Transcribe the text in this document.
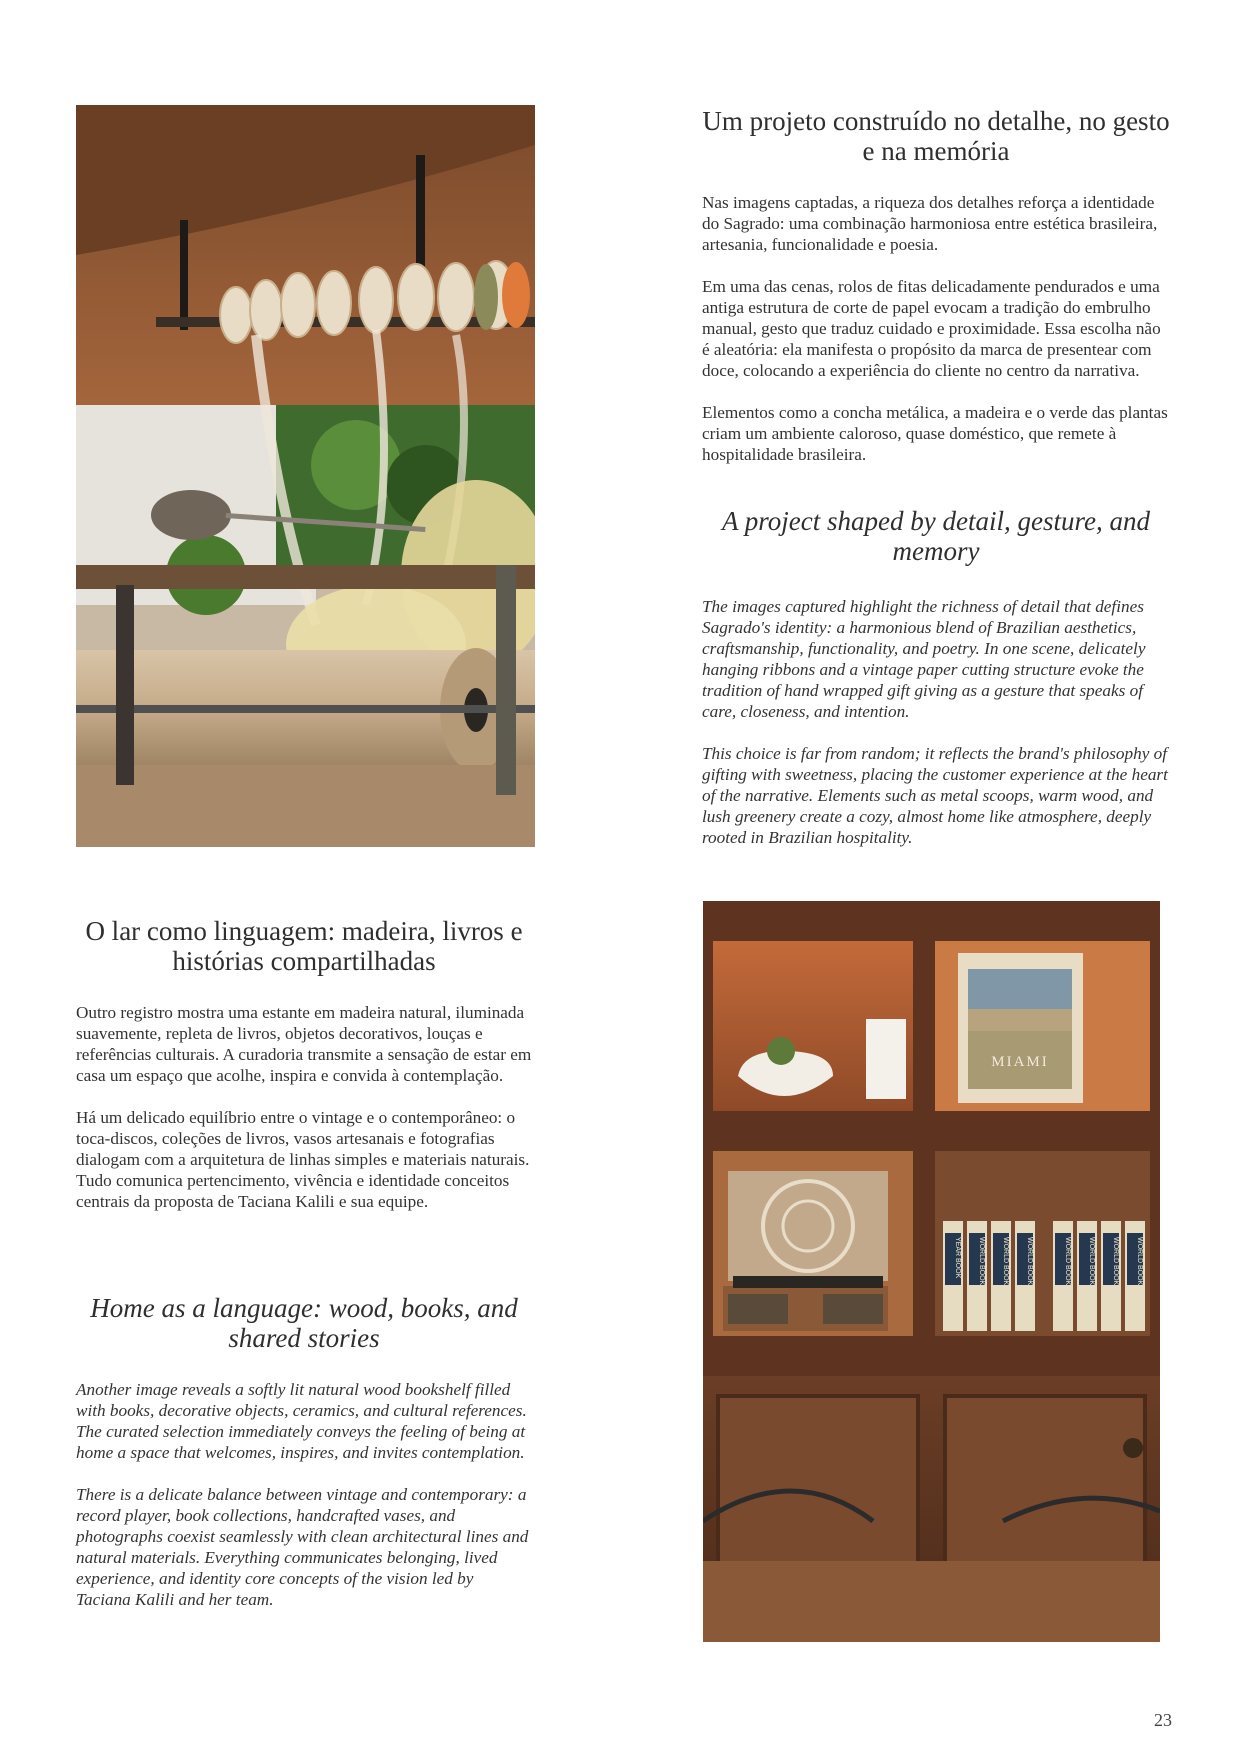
Um projeto construído no detalhe, no gesto e na memória

Nas imagens captadas, a riqueza dos detalhes reforça a identidade do Sagrado: uma combinação harmoniosa entre estética brasileira, artesania, funcionalidade e poesia.

Em uma das cenas, rolos de fitas delicadamente pendurados e uma antiga estrutura de corte de papel evocam a tradição do embrulho manual, gesto que traduz cuidado e proximidade. Essa escolha não é aleatória: ela manifesta o propósito da marca de presentear com doce, colocando a experiência do cliente no centro da narrativa.

Elementos como a concha metálica, a madeira e o verde das plantas criam um ambiente caloroso, quase doméstico, que remete à hospitalidade brasileira.

A project shaped by detail, gesture, and memory

The images captured highlight the richness of detail that defines Sagrado's identity: a harmonious blend of Brazilian aesthetics, craftsmanship, functionality, and poetry. In one scene, delicately hanging ribbons and a vintage paper cutting structure evoke the tradition of hand wrapped gift giving as a gesture that speaks of care, closeness, and intention.

This choice is far from random; it reflects the brand's philosophy of gifting with sweetness, placing the customer experience at the heart of the narrative. Elements such as metal scoops, warm wood, and lush greenery create a cozy, almost home like atmosphere, deeply rooted in Brazilian hospitality.

O lar como linguagem: madeira, livros e histórias compartilhadas

Outro registro mostra uma estante em madeira natural, iluminada suavemente, repleta de livros, objetos decorativos, louças e referências culturais. A curadoria transmite a sensação de estar em casa um espaço que acolhe, inspira e convida à contemplação.

Há um delicado equilíbrio entre o vintage e o contemporâneo: o toca-discos, coleções de livros, vasos artesanais e fotografias dialogam com a arquitetura de linhas simples e materiais naturais. Tudo comunica pertencimento, vivência e identidade conceitos centrais da proposta de Taciana Kalili e sua equipe.

Home as a language: wood, books, and shared stories

Another image reveals a softly lit natural wood bookshelf filled with books, decorative objects, ceramics, and cultural references. The curated selection immediately conveys the feeling of being at home a space that welcomes, inspires, and invites contemplation.

There is a delicate balance between vintage and contemporary: a record player, book collections, handcrafted vases, and photographs coexist seamlessly with clean architectural lines and natural materials. Everything communicates belonging, lived experience, and identity core concepts of the vision led by Taciana Kalili and her team.

MIAMI
YEAR BOOK WORLD BOOK WORLD BOOK WORLD BOOK	WORLD BOOK WORLD BOOK WORLD BOOK WORLD BOOK
23
